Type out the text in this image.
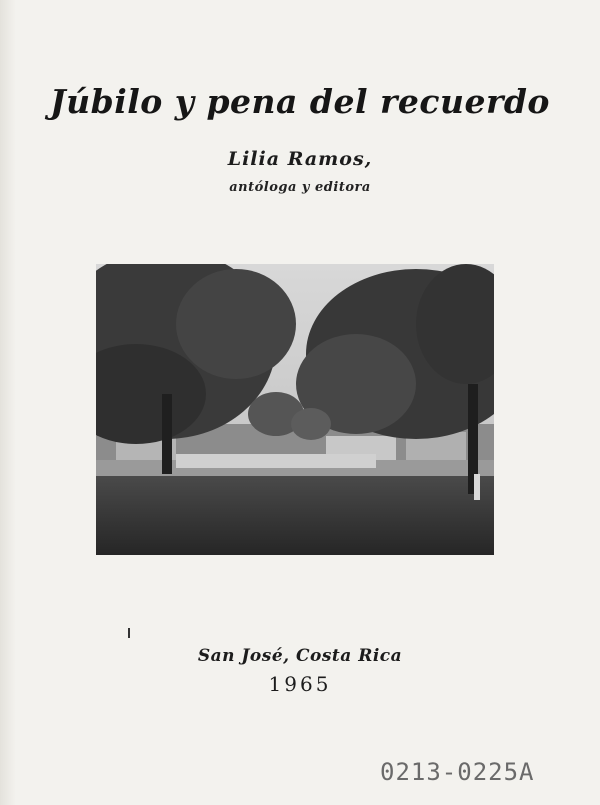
Júbilo y pena del recuerdo
Lilia Ramos,
antóloga y editora
San José, Costa Rica
1965
0213-0225A
